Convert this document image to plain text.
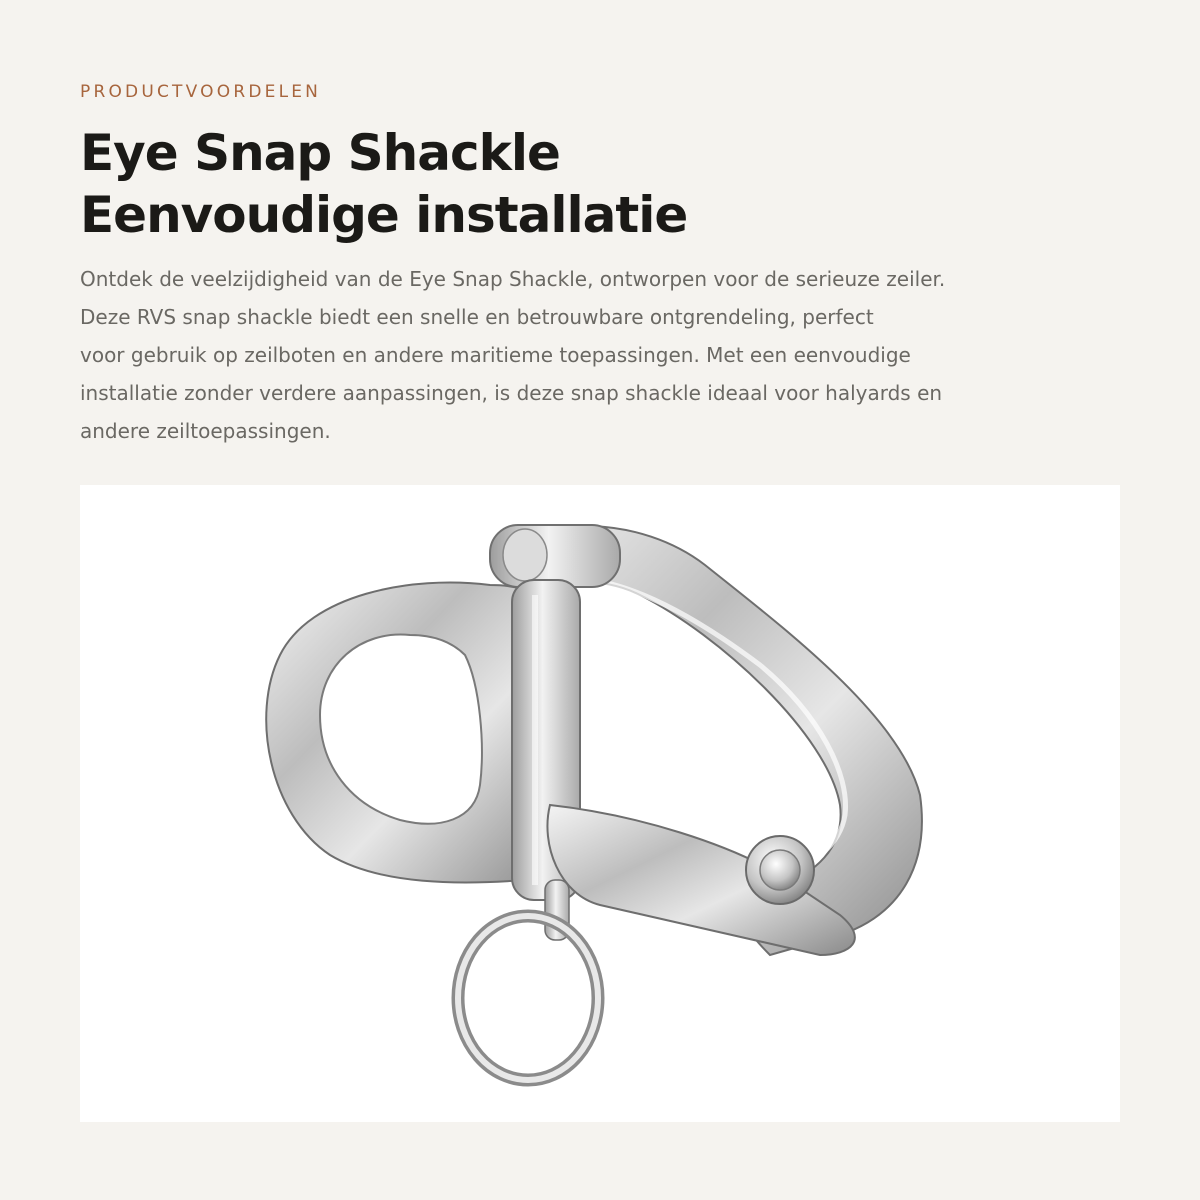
PRODUCTVOORDELEN
Eye Snap Shackle
Eenvoudige installatie

Ontdek de veelzijdigheid van de Eye Snap Shackle, ontworpen voor de serieuze zeiler.
Deze RVS snap shackle biedt een snelle en betrouwbare ontgrendeling, perfect
voor gebruik op zeilboten en andere maritieme toepassingen. Met een eenvoudige
installatie zonder verdere aanpassingen, is deze snap shackle ideaal voor halyards en
andere zeiltoepassingen.
